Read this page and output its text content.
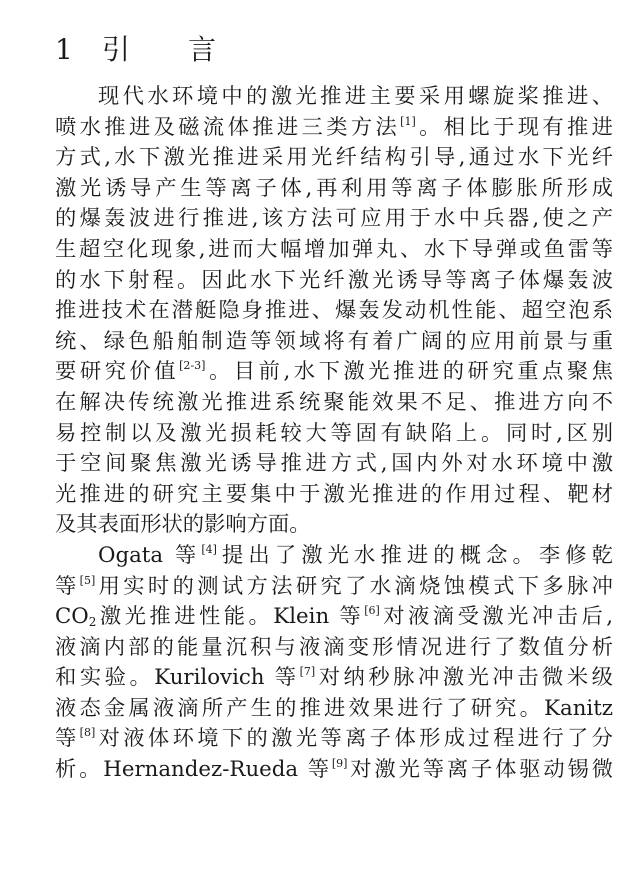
1	引言

现代水环境中的激光推进主要采用螺旋桨推进、
喷水推进及磁流体推进三类方法[1]。相比于现有推进
方式,水下激光推进采用光纤结构引导,通过水下光纤
激光诱导产生等离子体,再利用等离子体膨胀所形成
的爆轰波进行推进,该方法可应用于水中兵器,使之产
生超空化现象,进而大幅增加弹丸、水下导弹或鱼雷等
的水下射程。因此水下光纤激光诱导等离子体爆轰波
推进技术在潜艇隐身推进、爆轰发动机性能、超空泡系
统、绿色船舶制造等领域将有着广阔的应用前景与重
要研究价值[2-3]。目前,水下激光推进的研究重点聚焦
在解决传统激光推进系统聚能效果不足、推进方向不
易控制以及激光损耗较大等固有缺陷上。同时,区别
于空间聚焦激光诱导推进方式,国内外对水环境中激
光推进的研究主要集中于激光推进的作用过程、靶材
及其表面形状的影响方面。

Ogata 等[4]提出了激光水推进的概念。李修乾
等[5]用实时的测试方法研究了水滴烧蚀模式下多脉冲
$CO_2$激光推进性能。Klein 等[6]对液滴受激光冲击后,
液滴内部的能量沉积与液滴变形情况进行了数值分析
和实验。Kurilovich 等[7]对纳秒脉冲激光冲击微米级
液态金属液滴所产生的推进效果进行了研究。Kanitz
等[8]对液体环境下的激光等离子体形成过程进行了分
析。Hernandez-Rueda 等[9]对激光等离子体驱动锡微
